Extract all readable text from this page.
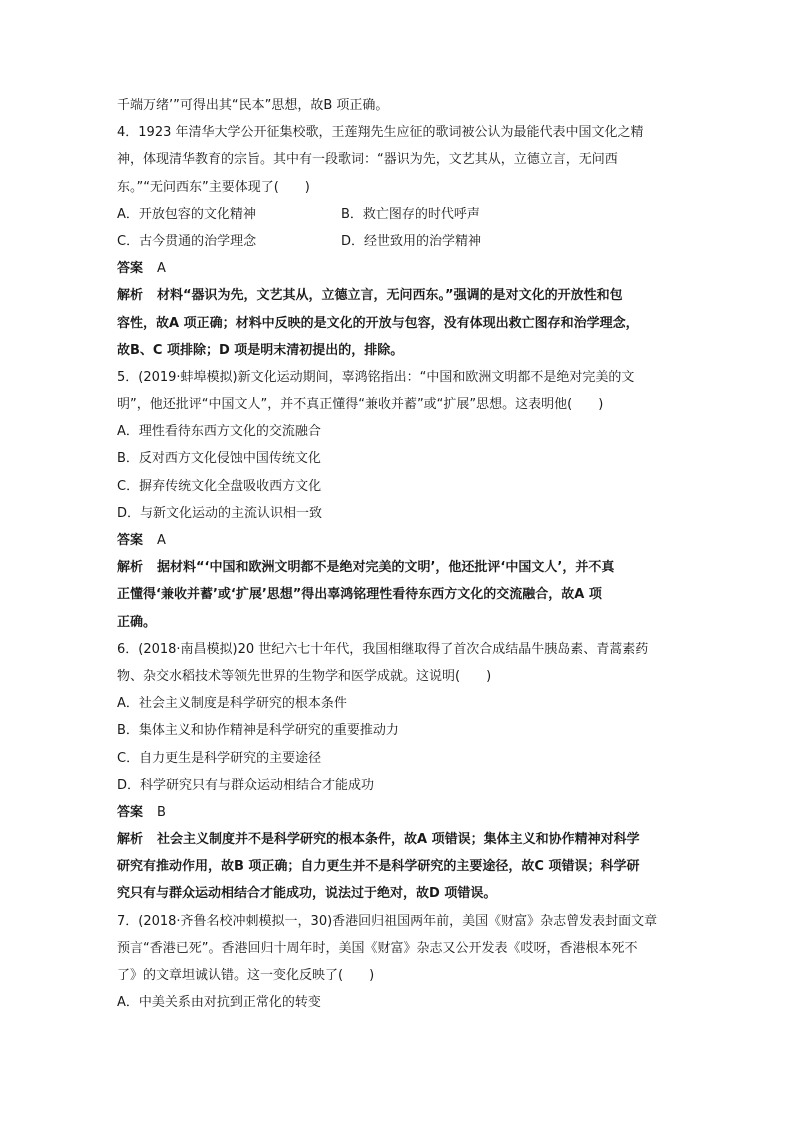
千端万绪’”可得出其“民本”思想，故B 项正确。
4．1923 年清华大学公开征集校歌，王莲翔先生应征的歌词被公认为最能代表中国文化之精
神，体现清华教育的宗旨。其中有一段歌词：“器识为先，文艺其从，立德立言，无问西
东。”“无问西东”主要体现了(　　)
A．开放包容的文化精神	B．救亡图存的时代呼声
C．古今贯通的治学理念	D．经世致用的治学精神
答案 A
解析 材料“器识为先，文艺其从，立德立言，无问西东。”强调的是对文化的开放性和包
容性，故A 项正确；材料中反映的是文化的开放与包容，没有体现出救亡图存和治学理念，
故B、C 项排除；D 项是明末清初提出的，排除。
5．(2019·蚌埠模拟)新文化运动期间，辜鸿铭指出：“中国和欧洲文明都不是绝对完美的文
明”，他还批评“中国文人”，并不真正懂得“兼收并蓄”或“扩展”思想。这表明他(　　)
A．理性看待东西方文化的交流融合
B．反对西方文化侵蚀中国传统文化
C．摒弃传统文化全盘吸收西方文化
D．与新文化运动的主流认识相一致
答案 A
解析 据材料“‘中国和欧洲文明都不是绝对完美的文明’，他还批评‘中国文人’，并不真
正懂得‘兼收并蓄’或‘扩展’思想”得出辜鸿铭理性看待东西方文化的交流融合，故A 项
正确。
6．(2018·南昌模拟)20 世纪六七十年代，我国相继取得了首次合成结晶牛胰岛素、青蒿素药
物、杂交水稻技术等领先世界的生物学和医学成就。这说明(　　)
A．社会主义制度是科学研究的根本条件
B．集体主义和协作精神是科学研究的重要推动力
C．自力更生是科学研究的主要途径
D．科学研究只有与群众运动相结合才能成功
答案 B
解析 社会主义制度并不是科学研究的根本条件，故A 项错误；集体主义和协作精神对科学
研究有推动作用，故B 项正确；自力更生并不是科学研究的主要途径，故C 项错误；科学研
究只有与群众运动相结合才能成功，说法过于绝对，故D 项错误。
7．(2018·齐鲁名校冲刺模拟一，30)香港回归祖国两年前，美国《财富》杂志曾发表封面文章
预言“香港已死”。香港回归十周年时，美国《财富》杂志又公开发表《哎呀，香港根本死不
了》的文章坦诚认错。这一变化反映了(　　)
A．中美关系由对抗到正常化的转变
